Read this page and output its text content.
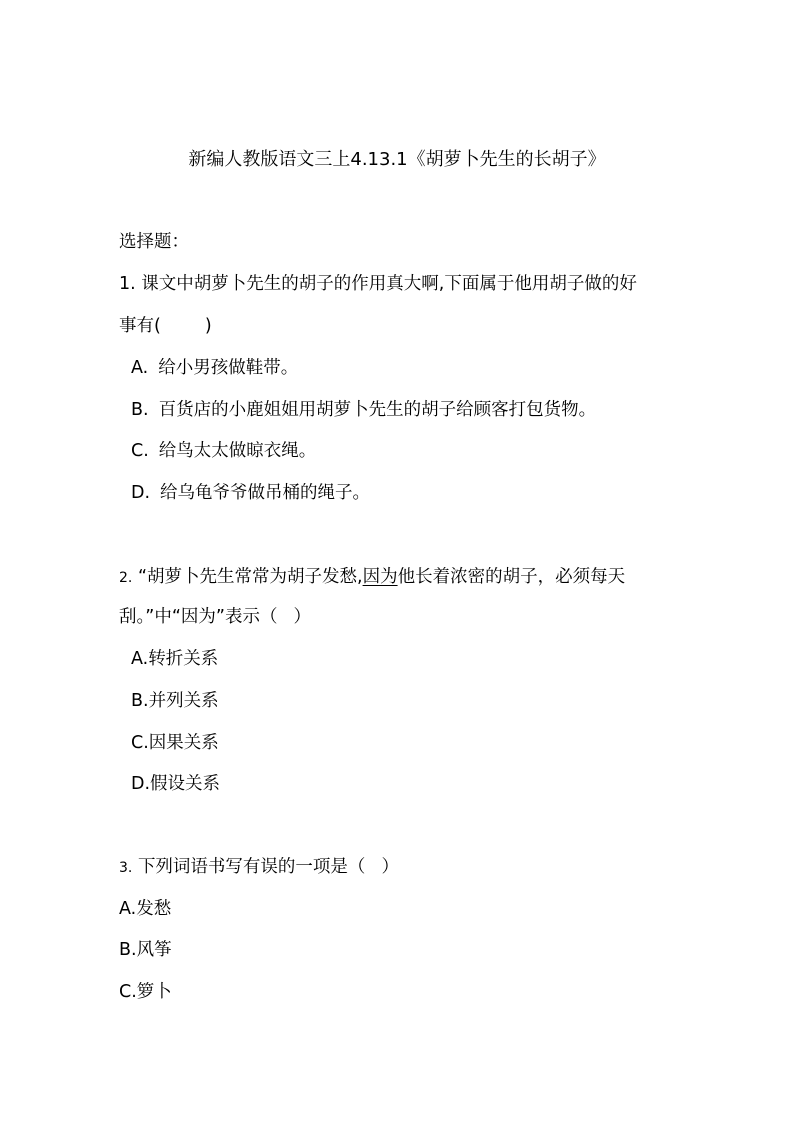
新编人教版语文三上4.13.1《胡萝卜先生的长胡子》
选择题：
1. 课文中胡萝卜先生的胡子的作用真大啊,下面属于他用胡子做的好
事有(	)
A. 给小男孩做鞋带。
B. 百货店的小鹿姐姐用胡萝卜先生的胡子给顾客打包货物。
C. 给鸟太太做晾衣绳。
D. 给乌龟爷爷做吊桶的绳子。
2. “胡萝卜先生常常为胡子发愁,因为他长着浓密的胡子，必须每天
刮。”中“因为”表示（ ）
A.转折关系
B.并列关系
C.因果关系
D.假设关系
3. 下列词语书写有误的一项是（ ）
A.发愁
B.风筝
C.箩卜
